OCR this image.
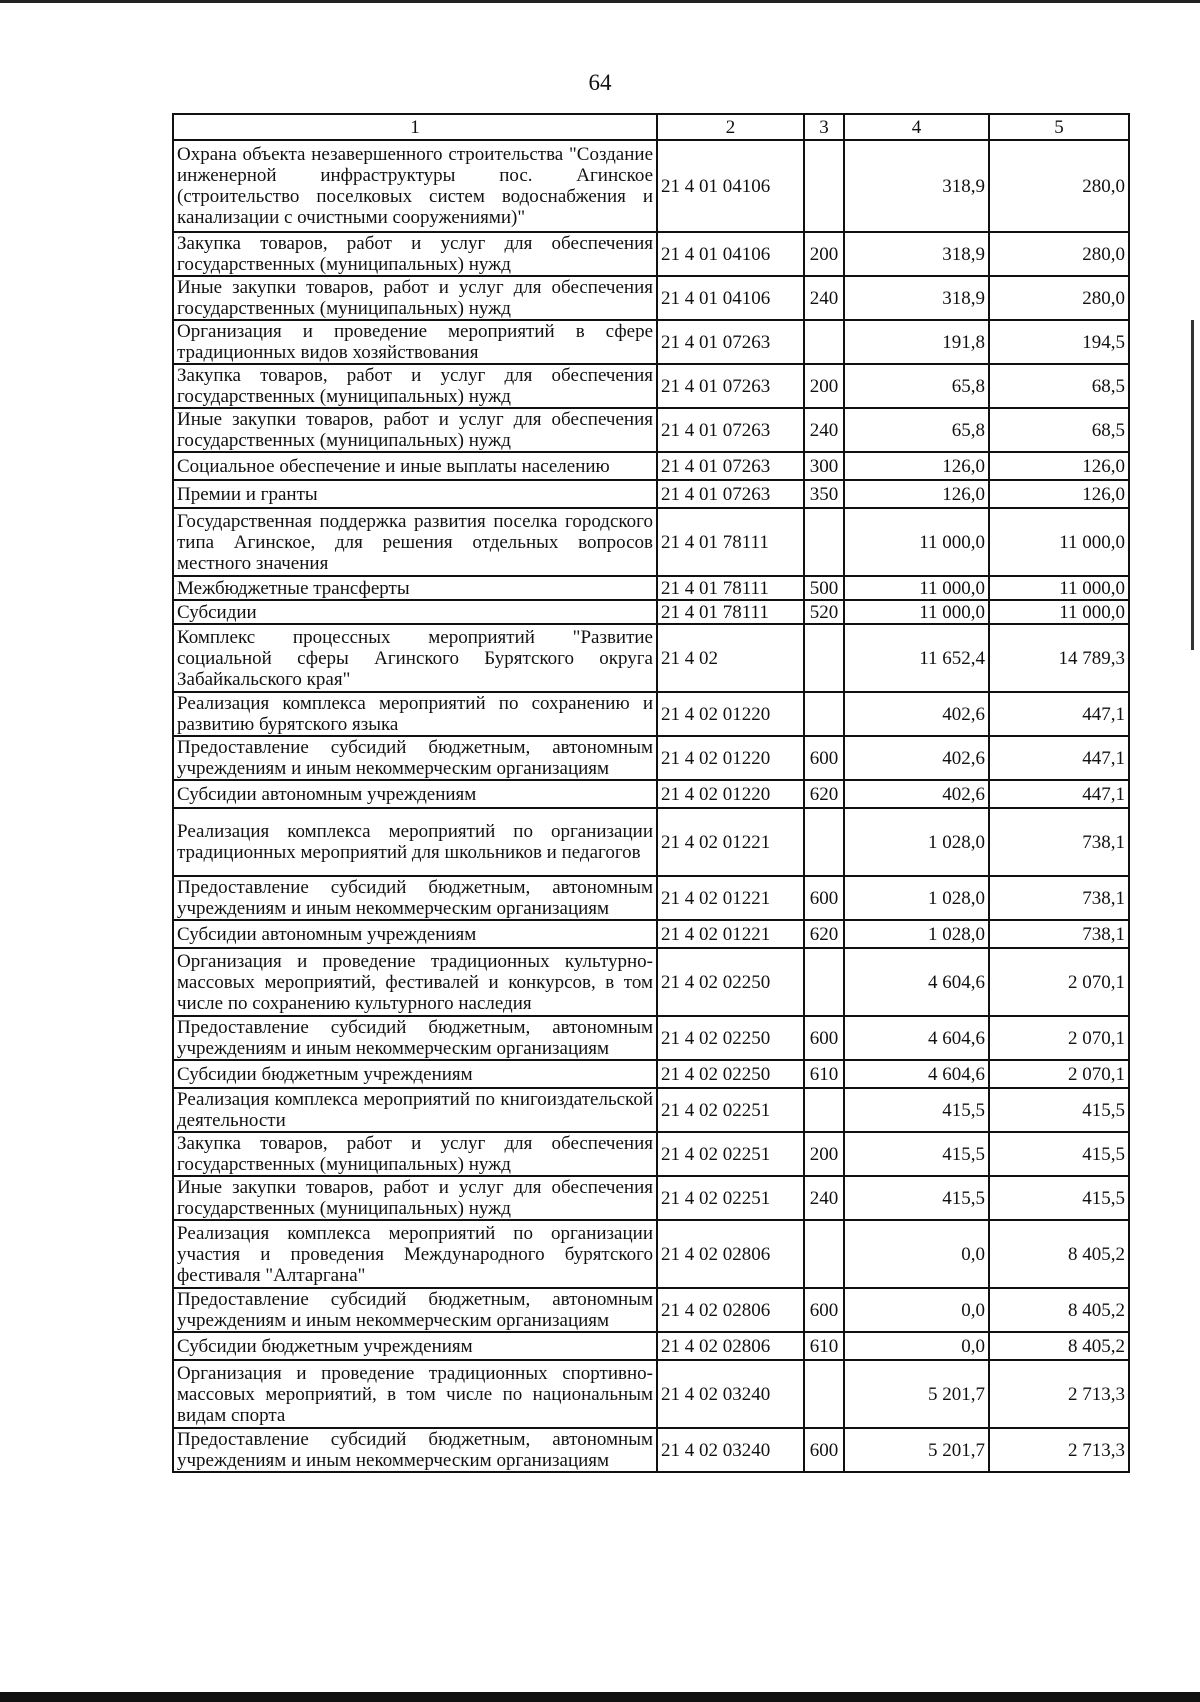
64
1	2	3	4	5
Охрана объекта незавершенного строительства "Создание инженерной инфраструктуры пос. Агинское (строительство поселковых систем водоснабжения и канализации с очистными сооружениями)"	21 4 01 04106		318,9	280,0
Закупка товаров, работ и услуг для обеспечения государственных (муниципальных) нужд	21 4 01 04106	200	318,9	280,0
Иные закупки товаров, работ и услуг для обеспечения государственных (муниципальных) нужд	21 4 01 04106	240	318,9	280,0
Организация и проведение мероприятий в сфере традиционных видов хозяйствования	21 4 01 07263		191,8	194,5
Закупка товаров, работ и услуг для обеспечения государственных (муниципальных) нужд	21 4 01 07263	200	65,8	68,5
Иные закупки товаров, работ и услуг для обеспечения государственных (муниципальных) нужд	21 4 01 07263	240	65,8	68,5
Социальное обеспечение и иные выплаты населению	21 4 01 07263	300	126,0	126,0
Премии и гранты	21 4 01 07263	350	126,0	126,0
Государственная поддержка развития поселка городского типа Агинское, для решения отдельных вопросов местного значения	21 4 01 78111		11 000,0	11 000,0
Межбюджетные трансферты	21 4 01 78111	500	11 000,0	11 000,0
Субсидии	21 4 01 78111	520	11 000,0	11 000,0
Комплекс процессных мероприятий "Развитие социальной сферы Агинского Бурятского округа Забайкальского края"	21 4 02		11 652,4	14 789,3
Реализация комплекса мероприятий по сохранению и развитию бурятского языка	21 4 02 01220		402,6	447,1
Предоставление субсидий бюджетным, автономным учреждениям и иным некоммерческим организациям	21 4 02 01220	600	402,6	447,1
Субсидии автономным учреждениям	21 4 02 01220	620	402,6	447,1
Реализация комплекса мероприятий по организации традиционных мероприятий для школьников и педагогов	21 4 02 01221		1 028,0	738,1
Предоставление субсидий бюджетным, автономным учреждениям и иным некоммерческим организациям	21 4 02 01221	600	1 028,0	738,1
Субсидии автономным учреждениям	21 4 02 01221	620	1 028,0	738,1
Организация и проведение традиционных культурно-массовых мероприятий, фестивалей и конкурсов, в том числе по сохранению культурного наследия	21 4 02 02250		4 604,6	2 070,1
Предоставление субсидий бюджетным, автономным учреждениям и иным некоммерческим организациям	21 4 02 02250	600	4 604,6	2 070,1
Субсидии бюджетным учреждениям	21 4 02 02250	610	4 604,6	2 070,1
Реализация комплекса мероприятий по книгоиздательской деятельности	21 4 02 02251		415,5	415,5
Закупка товаров, работ и услуг для обеспечения государственных (муниципальных) нужд	21 4 02 02251	200	415,5	415,5
Иные закупки товаров, работ и услуг для обеспечения государственных (муниципальных) нужд	21 4 02 02251	240	415,5	415,5
Реализация комплекса мероприятий по организации участия и проведения Международного бурятского фестиваля "Алтаргана"	21 4 02 02806		0,0	8 405,2
Предоставление субсидий бюджетным, автономным учреждениям и иным некоммерческим организациям	21 4 02 02806	600	0,0	8 405,2
Субсидии бюджетным учреждениям	21 4 02 02806	610	0,0	8 405,2
Организация и проведение традиционных спортивно-массовых мероприятий, в том числе по национальным видам спорта	21 4 02 03240		5 201,7	2 713,3
Предоставление субсидий бюджетным, автономным учреждениям и иным некоммерческим организациям	21 4 02 03240	600	5 201,7	2 713,3
